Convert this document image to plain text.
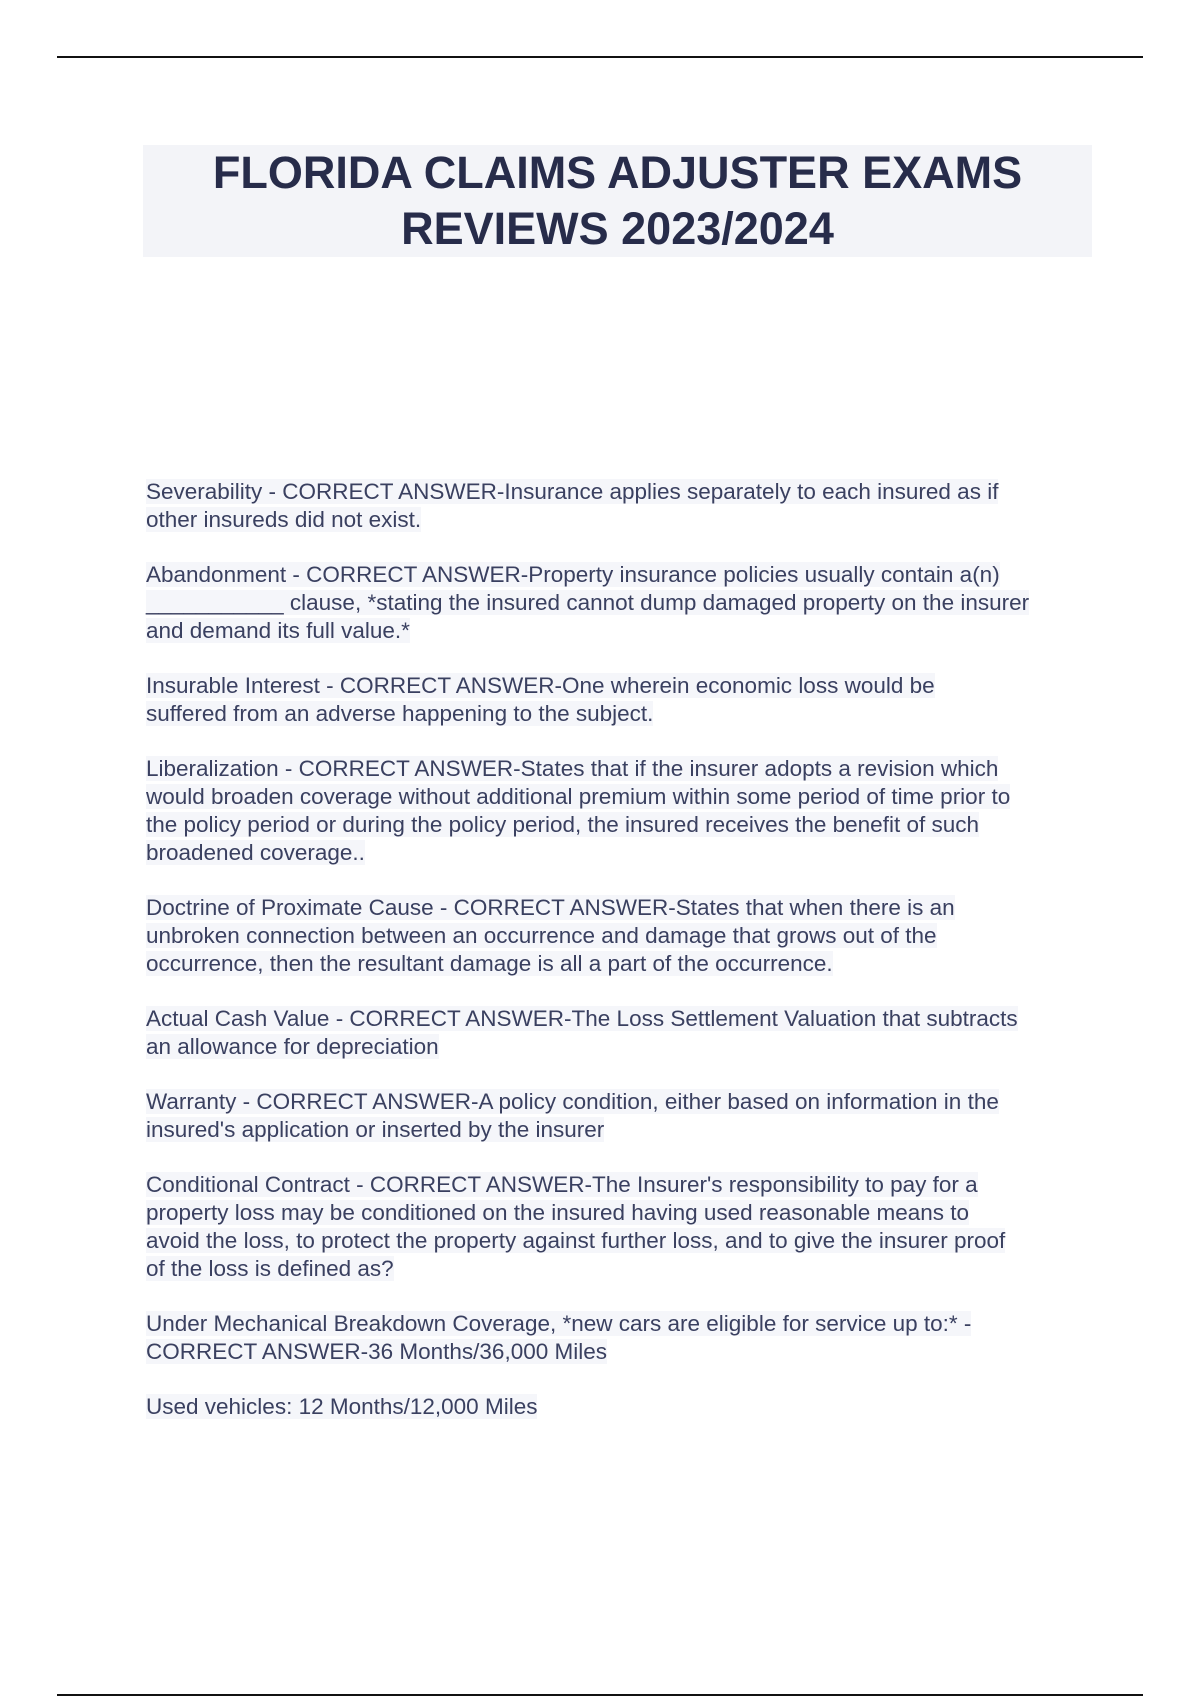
FLORIDA CLAIMS ADJUSTER EXAMS
REVIEWS 2023/2024

Severability - CORRECT ANSWER-Insurance applies separately to each insured as if
other insureds did not exist.

Abandonment - CORRECT ANSWER-Property insurance policies usually contain a(n)
___________ clause, *stating the insured cannot dump damaged property on the insurer
and demand its full value.*

Insurable Interest - CORRECT ANSWER-One wherein economic loss would be
suffered from an adverse happening to the subject.

Liberalization - CORRECT ANSWER-States that if the insurer adopts a revision which
would broaden coverage without additional premium within some period of time prior to
the policy period or during the policy period, the insured receives the benefit of such
broadened coverage..

Doctrine of Proximate Cause - CORRECT ANSWER-States that when there is an
unbroken connection between an occurrence and damage that grows out of the
occurrence, then the resultant damage is all a part of the occurrence.

Actual Cash Value - CORRECT ANSWER-The Loss Settlement Valuation that subtracts
an allowance for depreciation

Warranty - CORRECT ANSWER-A policy condition, either based on information in the
insured's application or inserted by the insurer

Conditional Contract - CORRECT ANSWER-The Insurer's responsibility to pay for a
property loss may be conditioned on the insured having used reasonable means to
avoid the loss, to protect the property against further loss, and to give the insurer proof
of the loss is defined as?

Under Mechanical Breakdown Coverage, *new cars are eligible for service up to:* -
CORRECT ANSWER-36 Months/36,000 Miles

Used vehicles: 12 Months/12,000 Miles
